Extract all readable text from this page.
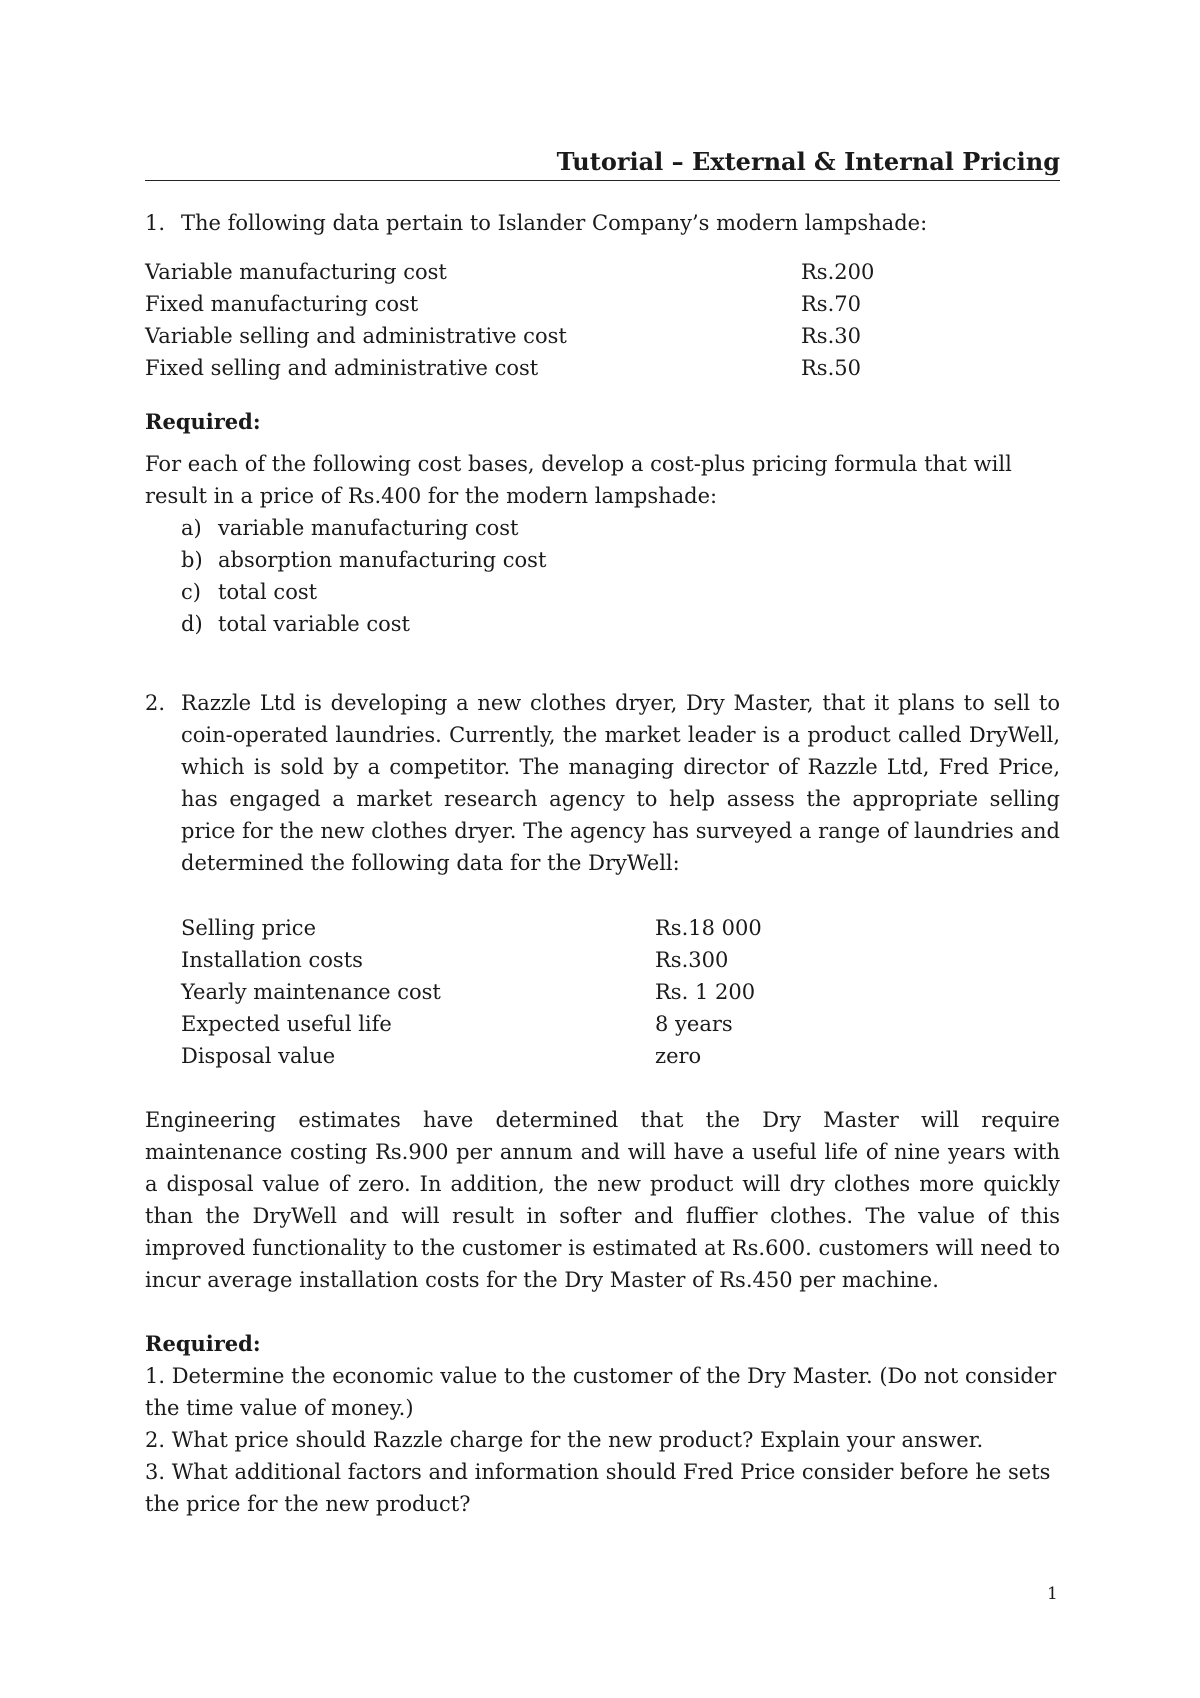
Tutorial – External & Internal Pricing
1. The following data pertain to Islander Company’s modern lampshade:
Variable manufacturing cost	Rs.200
Fixed manufacturing cost	Rs.70
Variable selling and administrative cost	Rs.30
Fixed selling and administrative cost	Rs.50
Required:
For each of the following cost bases, develop a cost-plus pricing formula that will result in a price of Rs.400 for the modern lampshade:
a) variable manufacturing cost
b) absorption manufacturing cost
c) total cost
d) total variable cost
2. Razzle Ltd is developing a new clothes dryer, Dry Master, that it plans to sell to coin-operated laundries. Currently, the market leader is a product called DryWell, which is sold by a competitor. The managing director of Razzle Ltd, Fred Price, has engaged a market research agency to help assess the appropriate selling price for the new clothes dryer. The agency has surveyed a range of laundries and determined the following data for the DryWell:
Selling price	Rs.18 000
Installation costs	Rs.300
Yearly maintenance cost	Rs. 1 200
Expected useful life	8 years
Disposal value	zero
Engineering estimates have determined that the Dry Master will require maintenance costing Rs.900 per annum and will have a useful life of nine years with a disposal value of zero. In addition, the new product will dry clothes more quickly than the DryWell and will result in softer and fluffier clothes. The value of this improved functionality to the customer is estimated at Rs.600. customers will need to incur average installation costs for the Dry Master of Rs.450 per machine.
Required:
1. Determine the economic value to the customer of the Dry Master. (Do not consider the time value of money.)
2. What price should Razzle charge for the new product? Explain your answer.
3. What additional factors and information should Fred Price consider before he sets the price for the new product?
1
